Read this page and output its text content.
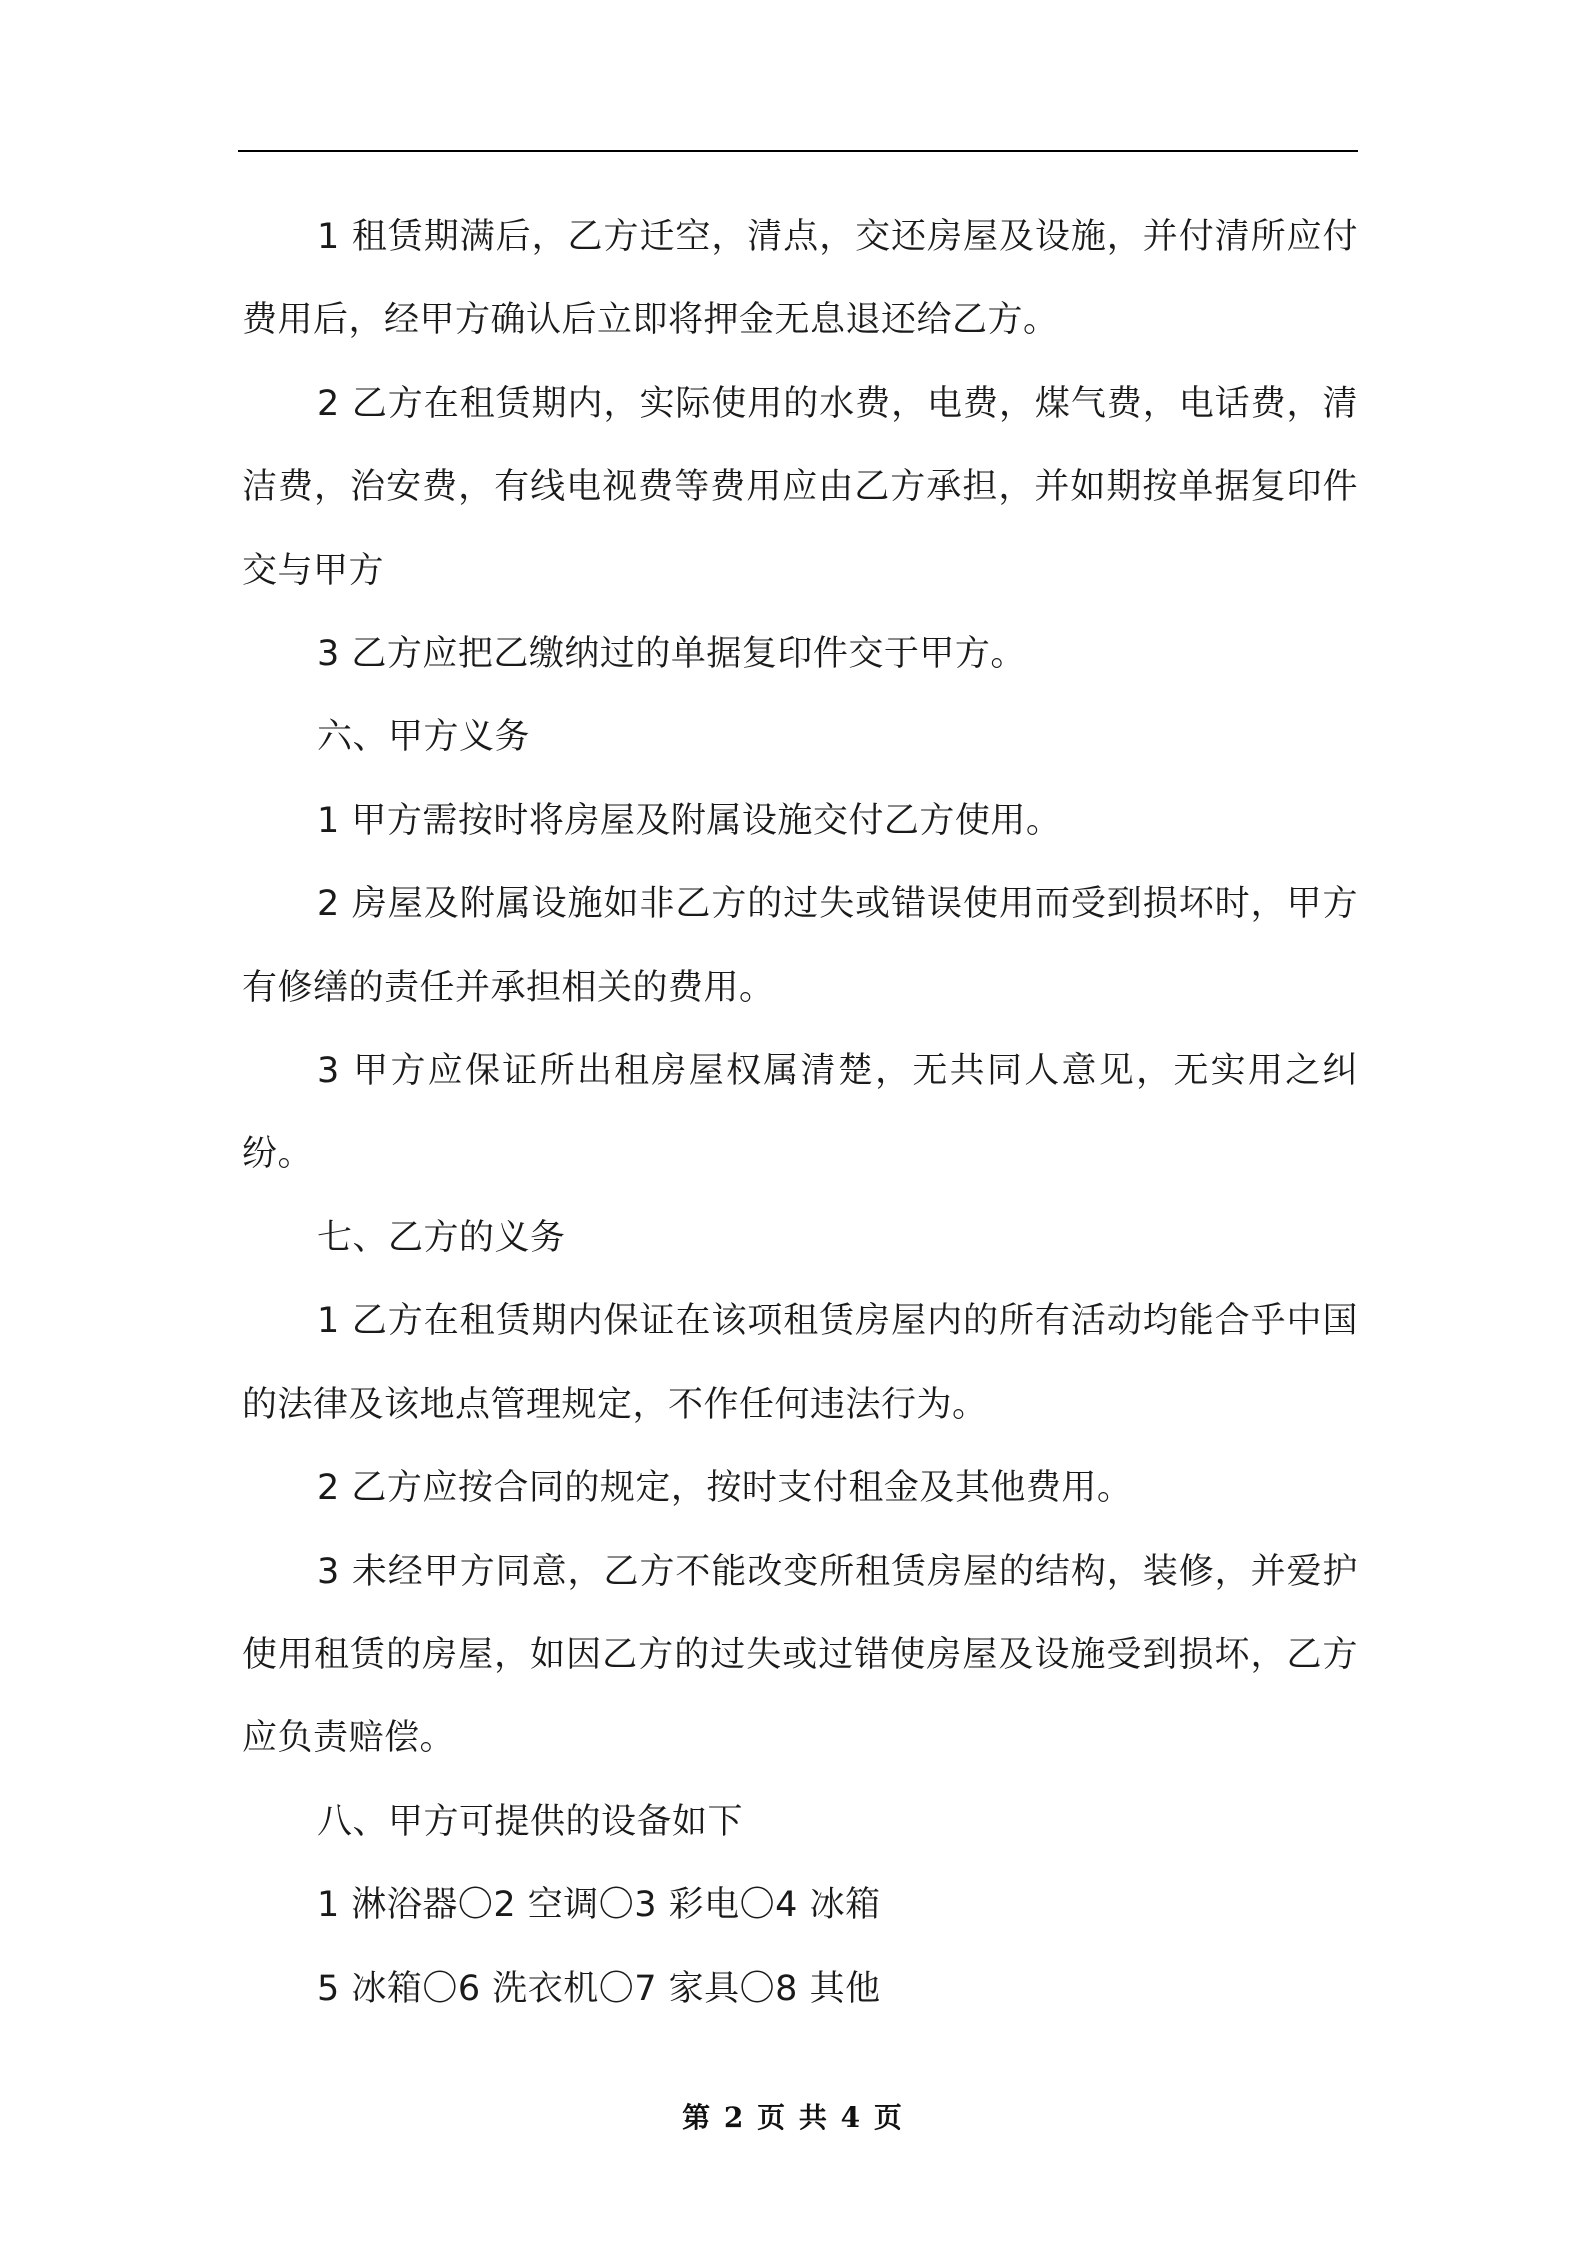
1 租赁期满后，乙方迁空，清点，交还房屋及设施，并付清所应付费用后，经甲方确认后立即将押金无息退还给乙方。

2 乙方在租赁期内，实际使用的水费，电费，煤气费，电话费，清洁费，治安费，有线电视费等费用应由乙方承担，并如期按单据复印件交与甲方

3 乙方应把乙缴纳过的单据复印件交于甲方。

六、甲方义务

1 甲方需按时将房屋及附属设施交付乙方使用。

2 房屋及附属设施如非乙方的过失或错误使用而受到损坏时，甲方有修缮的责任并承担相关的费用。

3 甲方应保证所出租房屋权属清楚，无共同人意见，无实用之纠纷。

七、乙方的义务

1 乙方在租赁期内保证在该项租赁房屋内的所有活动均能合乎中国的法律及该地点管理规定，不作任何违法行为。

2 乙方应按合同的规定，按时支付租金及其他费用。

3 未经甲方同意，乙方不能改变所租赁房屋的结构，装修，并爱护使用租赁的房屋，如因乙方的过失或过错使房屋及设施受到损坏，乙方应负责赔偿。

八、甲方可提供的设备如下

1 淋浴器〇2 空调〇3 彩电〇4 冰箱

5 冰箱〇6 洗衣机〇7 家具〇8 其他

第 2 页 共 4 页
